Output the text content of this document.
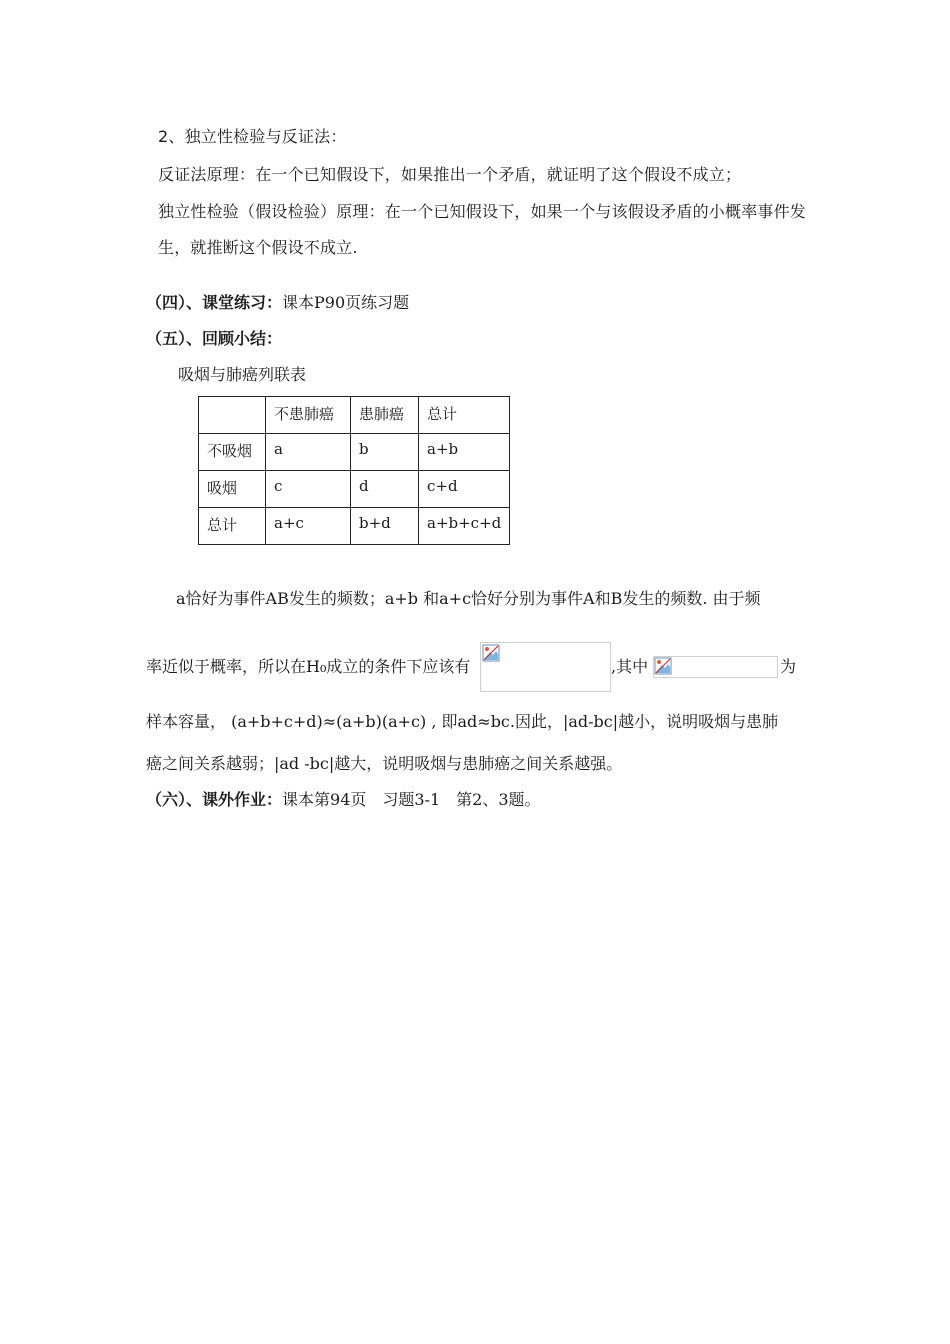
2、独立性检验与反证法：
反证法原理：在一个已知假设下，如果推出一个矛盾，就证明了这个假设不成立；
独立性检验（假设检验）原理：在一个已知假设下，如果一个与该假设矛盾的小概率事件发
生，就推断这个假设不成立.
（四）、课堂练习：课本P90页练习题
（五）、回顾小结：
吸烟与肺癌列联表
	不患肺癌	患肺癌	总计
不吸烟	a	b	a+b
吸烟	c	d	c+d
总计	a+c	b+d	a+b+c+d
a恰好为事件AB发生的频数；a+b 和a+c恰好分别为事件A和B发生的频数. 由于频
率近似于概率，所以在H₀成立的条件下应该有	,其中	为
样本容量， (a+b+c+d)≈(a+b)(a+c) , 即ad≈bc.因此，|ad-bc|越小，说明吸烟与患肺
癌之间关系越弱；|ad -bc|越大，说明吸烟与患肺癌之间关系越强。
（六）、课外作业：课本第94页　习题3-1　第2、3题。
